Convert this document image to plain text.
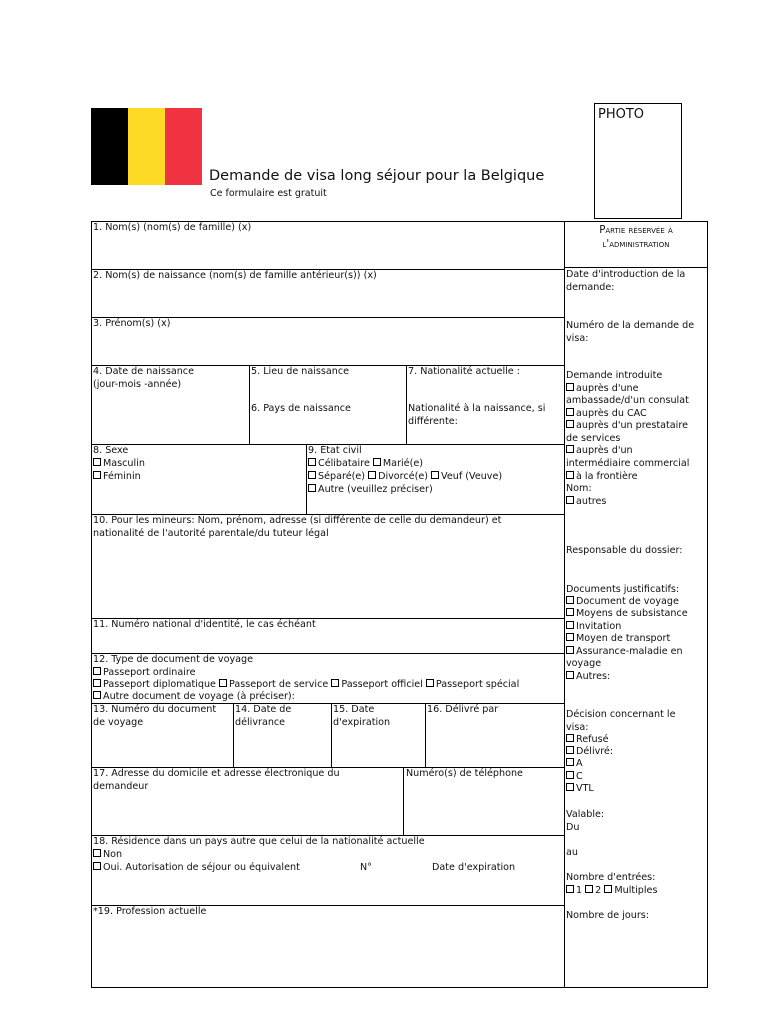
Demande de visa long séjour pour la Belgique
Ce formulaire est gratuit
PHOTO
1. Nom(s) (nom(s) de famille) (x)
2. Nom(s) de naissance (nom(s) de famille antérieur(s)) (x)
3. Prénom(s) (x)
4. Date de naissance
(jour-mois -année)
5. Lieu de naissance
6. Pays de naissance
7. Nationalité actuelle :
Nationalité à la naissance, si
différente:
8. Sexe
Masculin
Féminin
9. État civil
Célibataire Marié(e)
Séparé(e) Divorcé(e) Veuf (Veuve)
Autre (veuillez préciser)
10. Pour les mineurs: Nom, prénom, adresse (si différente de celle du demandeur) et
nationalité de l'autorité parentale/du tuteur légal
11. Numéro national d'identité, le cas échéant
12. Type de document de voyage
Passeport ordinaire
Passeport diplomatique Passeport de service Passeport officiel Passeport spécial
Autre document de voyage (à préciser):
13. Numéro du document
de voyage
14. Date de
délivrance
15. Date
d'expiration
16. Délivré par
17. Adresse du domicile et adresse électronique du
demandeur
Numéro(s) de téléphone
18. Résidence dans un pays autre que celui de la nationalité actuelle
Non
Oui. Autorisation de séjour ou équivalent	N°	Date d'expiration
*19. Profession actuelle
Partie réservée à
l'administration
Date d'introduction de la
demande:
Numéro de la demande de
visa:
Demande introduite
auprès d'une
ambassade/d'un consulat
auprès du CAC
auprès d'un prestataire
de services
auprès d'un
intermédiaire commercial
à la frontière
Nom:
autres
Responsable du dossier:
Documents justificatifs:
Document de voyage
Moyens de subsistance
Invitation
Moyen de transport
Assurance-maladie en
voyage
Autres:
Décision concernant le
visa:
Refusé
Délivré:
A
C
VTL
Valable:
Du
au
Nombre d'entrées:
1 2 Multiples
Nombre de jours:
